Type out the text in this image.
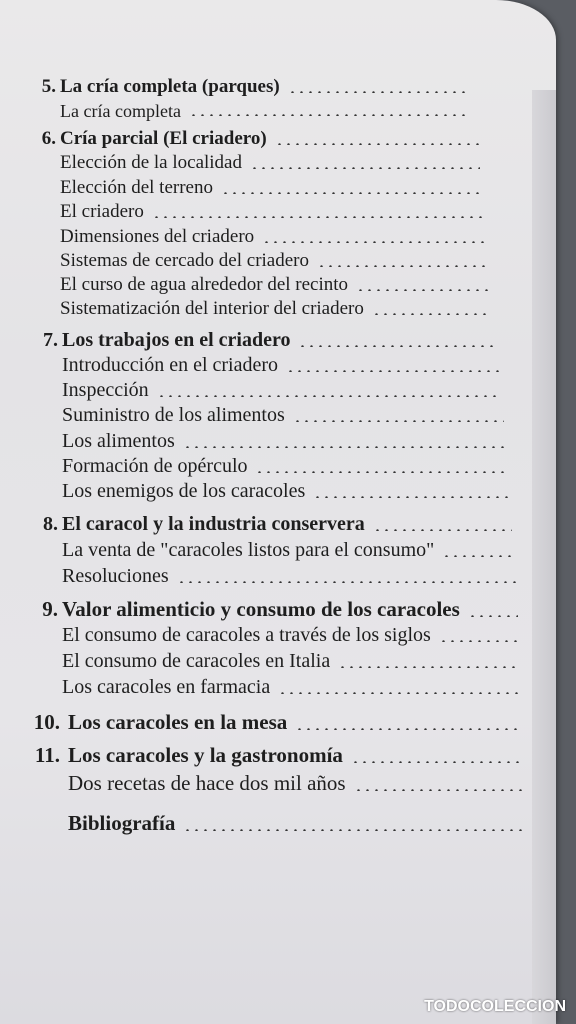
5. La cría completa (parques)
La cría completa
6. Cría parcial (El criadero)
Elección de la localidad
Elección del terreno
El criadero
Dimensiones del criadero
Sistemas de cercado del criadero
El curso de agua alrededor del recinto
Sistematización del interior del criadero
7. Los trabajos en el criadero
Introducción en el criadero
Inspección
Suministro de los alimentos
Los alimentos
Formación de opérculo
Los enemigos de los caracoles
8. El caracol y la industria conservera
La venta de "caracoles listos para el consumo"
Resoluciones
9. Valor alimenticio y consumo de los caracoles
El consumo de caracoles a través de los siglos
El consumo de caracoles en Italia
Los caracoles en farmacia
10. Los caracoles en la mesa
11. Los caracoles y la gastronomía
Dos recetas de hace dos mil años
Bibliografía
TODOCOLECCION
